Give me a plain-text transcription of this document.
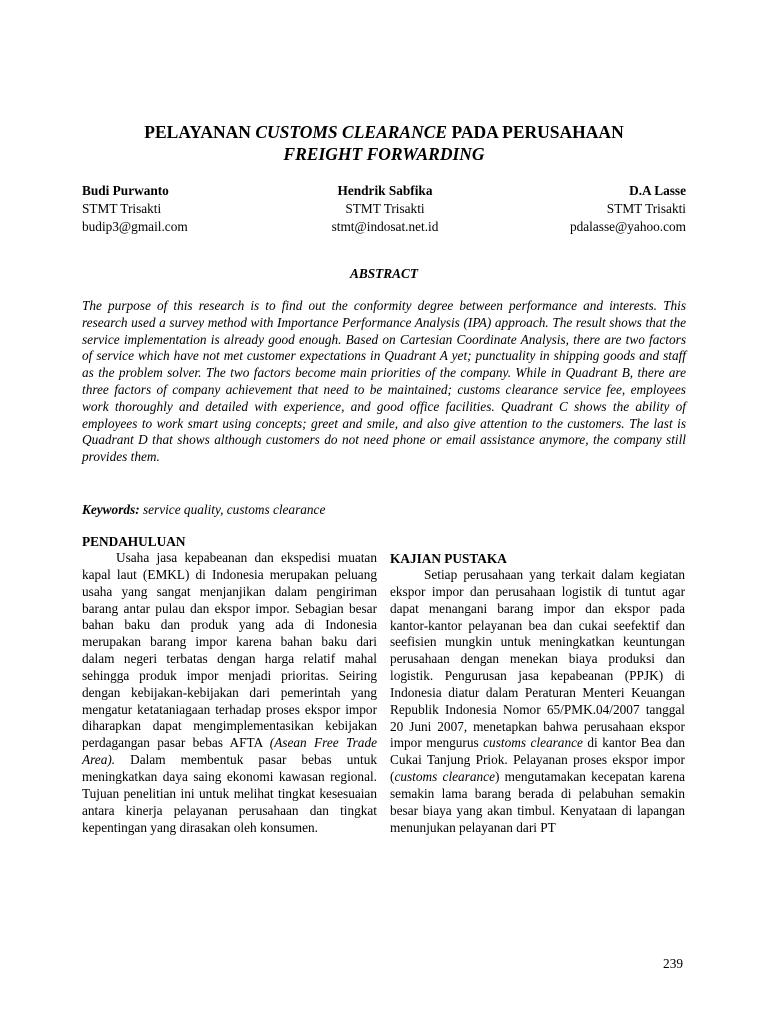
PELAYANAN CUSTOMS CLEARANCE PADA PERUSAHAAN
FREIGHT FORWARDING
Budi Purwanto
STMT Trisakti
budip3@gmail.com
Hendrik Sabfika
STMT Trisakti
stmt@indosat.net.id
D.A Lasse
STMT Trisakti
pdalasse@yahoo.com
ABSTRACT
The purpose of this research is to find out the conformity degree between performance and interests. This research used a survey method with Importance Performance Analysis (IPA) approach. The result shows that the service implementation is already good enough. Based on Cartesian Coordinate Analysis, there are two factors of service which have not met customer expectations in Quadrant A yet; punctuality in shipping goods and staff as the problem solver. The two factors become main priorities of the company. While in Quadrant B, there are three factors of company achievement that need to be maintained; customs clearance service fee, employees work thoroughly and detailed with experience, and good office facilities. Quadrant C shows the ability of employees to work smart using concepts; greet and smile, and also give attention to the customers. The last is Quadrant D that shows although customers do not need phone or email assistance anymore, the company still provides them.
Keywords: service quality, customs clearance
PENDAHULUAN

Usaha jasa kepabeanan dan ekspedisi muatan kapal laut (EMKL) di Indonesia merupakan peluang usaha yang sangat menjanjikan dalam pengiriman barang antar pulau dan ekspor impor. Sebagian besar bahan baku dan produk yang ada di Indonesia merupakan barang impor karena bahan baku dari dalam negeri terbatas dengan harga relatif mahal sehingga produk impor menjadi prioritas. Seiring dengan kebijakan-kebijakan dari pemerintah yang mengatur ketataniagaan terhadap proses ekspor impor diharapkan dapat mengimplementasikan kebijakan perdagangan pasar bebas AFTA (Asean Free Trade Area). Dalam membentuk pasar bebas untuk meningkatkan daya saing ekonomi kawasan regional. Tujuan penelitian ini untuk melihat tingkat kesesuaian antara kinerja pelayanan perusahaan dan tingkat kepentingan yang dirasakan oleh konsumen.

KAJIAN PUSTAKA

Setiap perusahaan yang terkait dalam kegiatan ekspor impor dan perusahaan logistik di tuntut agar dapat menangani barang impor dan ekspor pada kantor-kantor pelayanan bea dan cukai seefektif dan seefisien mungkin untuk meningkatkan keuntungan perusahaan dengan menekan biaya produksi dan logistik. Pengurusan jasa kepabeanan (PPJK) di Indonesia diatur dalam Peraturan Menteri Keuangan Republik Indonesia Nomor 65/PMK.04/2007 tanggal 20 Juni 2007, menetapkan bahwa perusahaan ekspor impor mengurus customs clearance di kantor Bea dan Cukai Tanjung Priok. Pelayanan proses ekspor impor (customs clearance) mengutamakan kecepatan karena semakin lama barang berada di pelabuhan semakin besar biaya yang akan timbul. Kenyataan di lapangan menunjukan pelayanan dari PT

239
